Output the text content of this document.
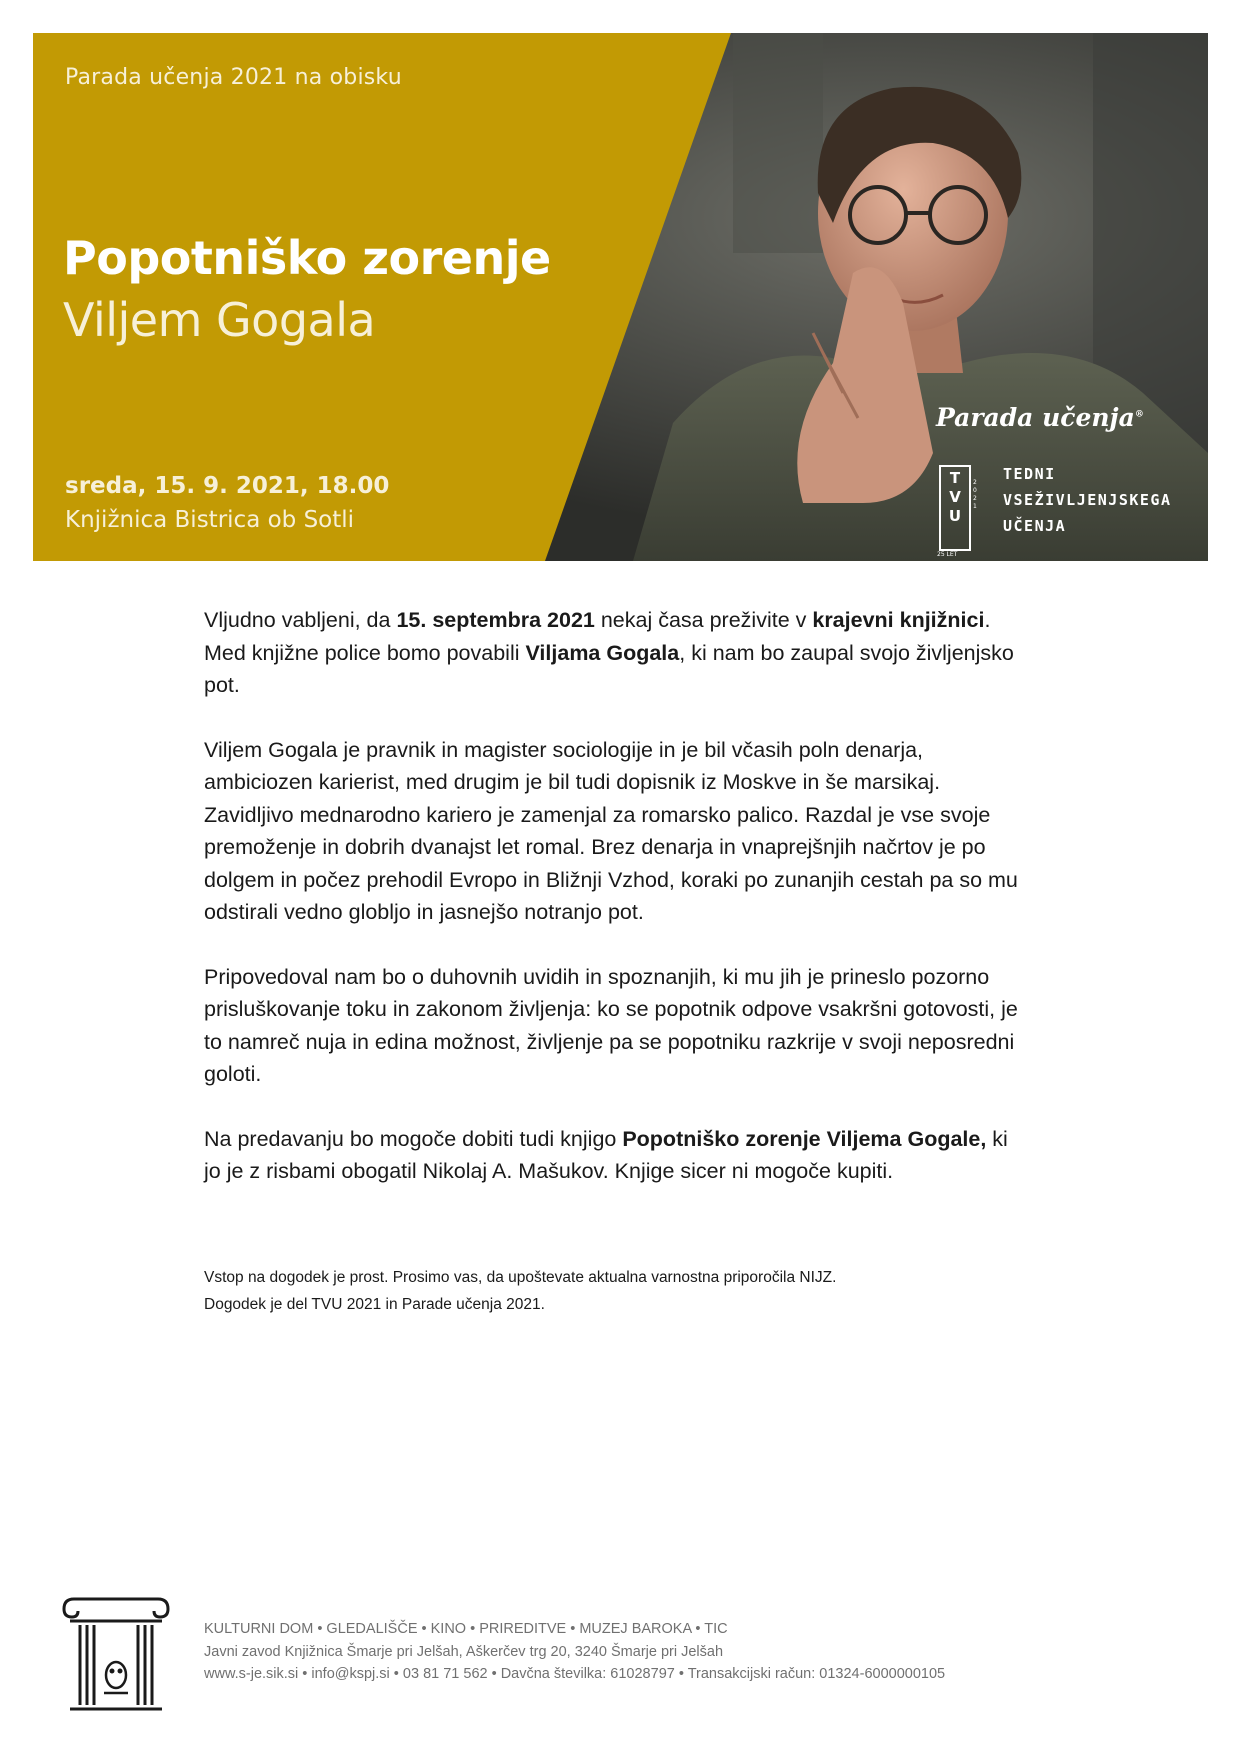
Parada učenja 2021 na obisku
Popotniško zorenje
Viljem Gogala
sreda, 15. 9. 2021, 18.00
Knjižnica Bistrica ob Sotli
Parada učenja®
T
V
U
2
0
2
1
25 LET
TEDNI
VSEŽIVLJENJSKEGA
UČENJA

Vljudno vabljeni, da 15. septembra 2021 nekaj časa preživite v krajevni knjižnici. Med knjižne police bomo povabili Viljama Gogala, ki nam bo zaupal svojo življenjsko pot.

Viljem Gogala je pravnik in magister sociologije in je bil včasih poln denarja, ambiciozen karierist, med drugim je bil tudi dopisnik iz Moskve in še marsikaj. Zavidljivo mednarodno kariero je zamenjal za romarsko palico. Razdal je vse svoje premoženje in dobrih dvanajst let romal. Brez denarja in vnaprejšnjih načrtov je po dolgem in počez prehodil Evropo in Bližnji Vzhod, koraki po zunanjih cestah pa so mu odstirali vedno globljo in jasnejšo notranjo pot.

Pripovedoval nam bo o duhovnih uvidih in spoznanjih, ki mu jih je prineslo pozorno prisluškovanje toku in zakonom življenja: ko se popotnik odpove vsakršni gotovosti, je to namreč nuja in edina možnost, življenje pa se popotniku razkrije v svoji neposredni goloti.

Na predavanju bo mogoče dobiti tudi knjigo Popotniško zorenje Viljema Gogale, ki jo je z risbami obogatil Nikolaj A. Mašukov. Knjige sicer ni mogoče kupiti.

Vstop na dogodek je prost. Prosimo vas, da upoštevate aktualna varnostna priporočila NIJZ.
Dogodek je del TVU 2021 in Parade učenja 2021.
KULTURNI DOM • GLEDALIŠČE • KINO • PRIREDITVE • MUZEJ BAROKA • TIC
Javni zavod Knjižnica Šmarje pri Jelšah, Aškerčev trg 20, 3240 Šmarje pri Jelšah
www.s-je.sik.si • info@kspj.si • 03 81 71 562 • Davčna številka: 61028797 • Transakcijski račun: 01324-6000000105
